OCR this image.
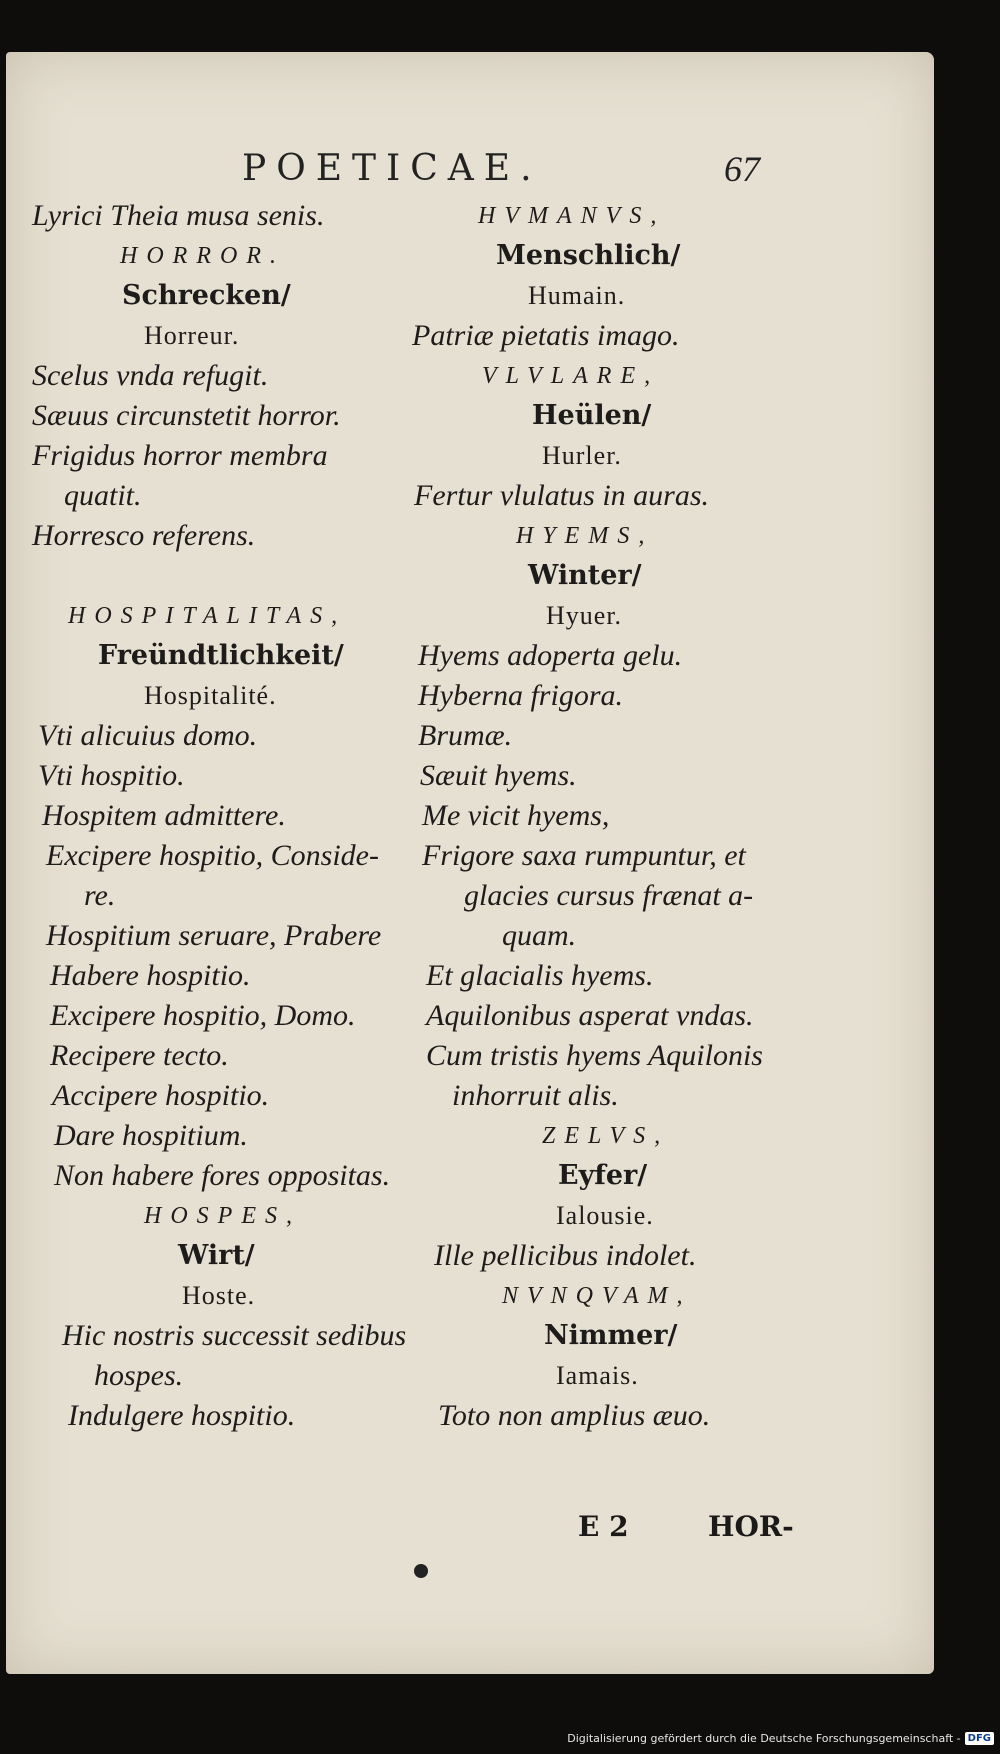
POETICAE.	67
Lyrici Theia musa senis.
HORROR.
Schrecken/
Horreur.
Scelus vnda refugit.
Sæuus circunstetit horror.
Frigidus horror membra
quatit.
Horresco referens.
HOSPITALITAS,
Freündtlichkeit/
Hospitalité.
Vti alicuius domo.
Vti hospitio.
Hospitem admittere.
Excipere hospitio, Conside-
re.
Hospitium seruare, Prabere
Habere hospitio.
Excipere hospitio, Domo.
Recipere tecto.
Accipere hospitio.
Dare hospitium.
Non habere fores oppositas.
HOSPES,
Wirt/
Hoste.
Hic nostris successit sedibus
hospes.
Indulgere hospitio.
HVMANVS,
Menschlich/
Humain.
Patriæ pietatis imago.
VLVLARE,
Heülen/
Hurler.
Fertur vlulatus in auras.
HYEMS,
Winter/
Hyuer.
Hyems adoperta gelu.
Hyberna frigora.
Brumæ.
Sæuit hyems.
Me vicit hyems,
Frigore saxa rumpuntur, et
glacies cursus frænat a-
quam.
Et glacialis hyems.
Aquilonibus asperat vndas.
Cum tristis hyems Aquilonis
inhorruit alis.
ZELVS,
Eyfer/
Ialousie.
Ille pellicibus indolet.
NVNQVAM,
Nimmer/
Iamais.
Toto non amplius æuo.
E 2	HOR-
Digitalisierung gefördert durch die Deutsche Forschungsgemeinschaft - DFG
